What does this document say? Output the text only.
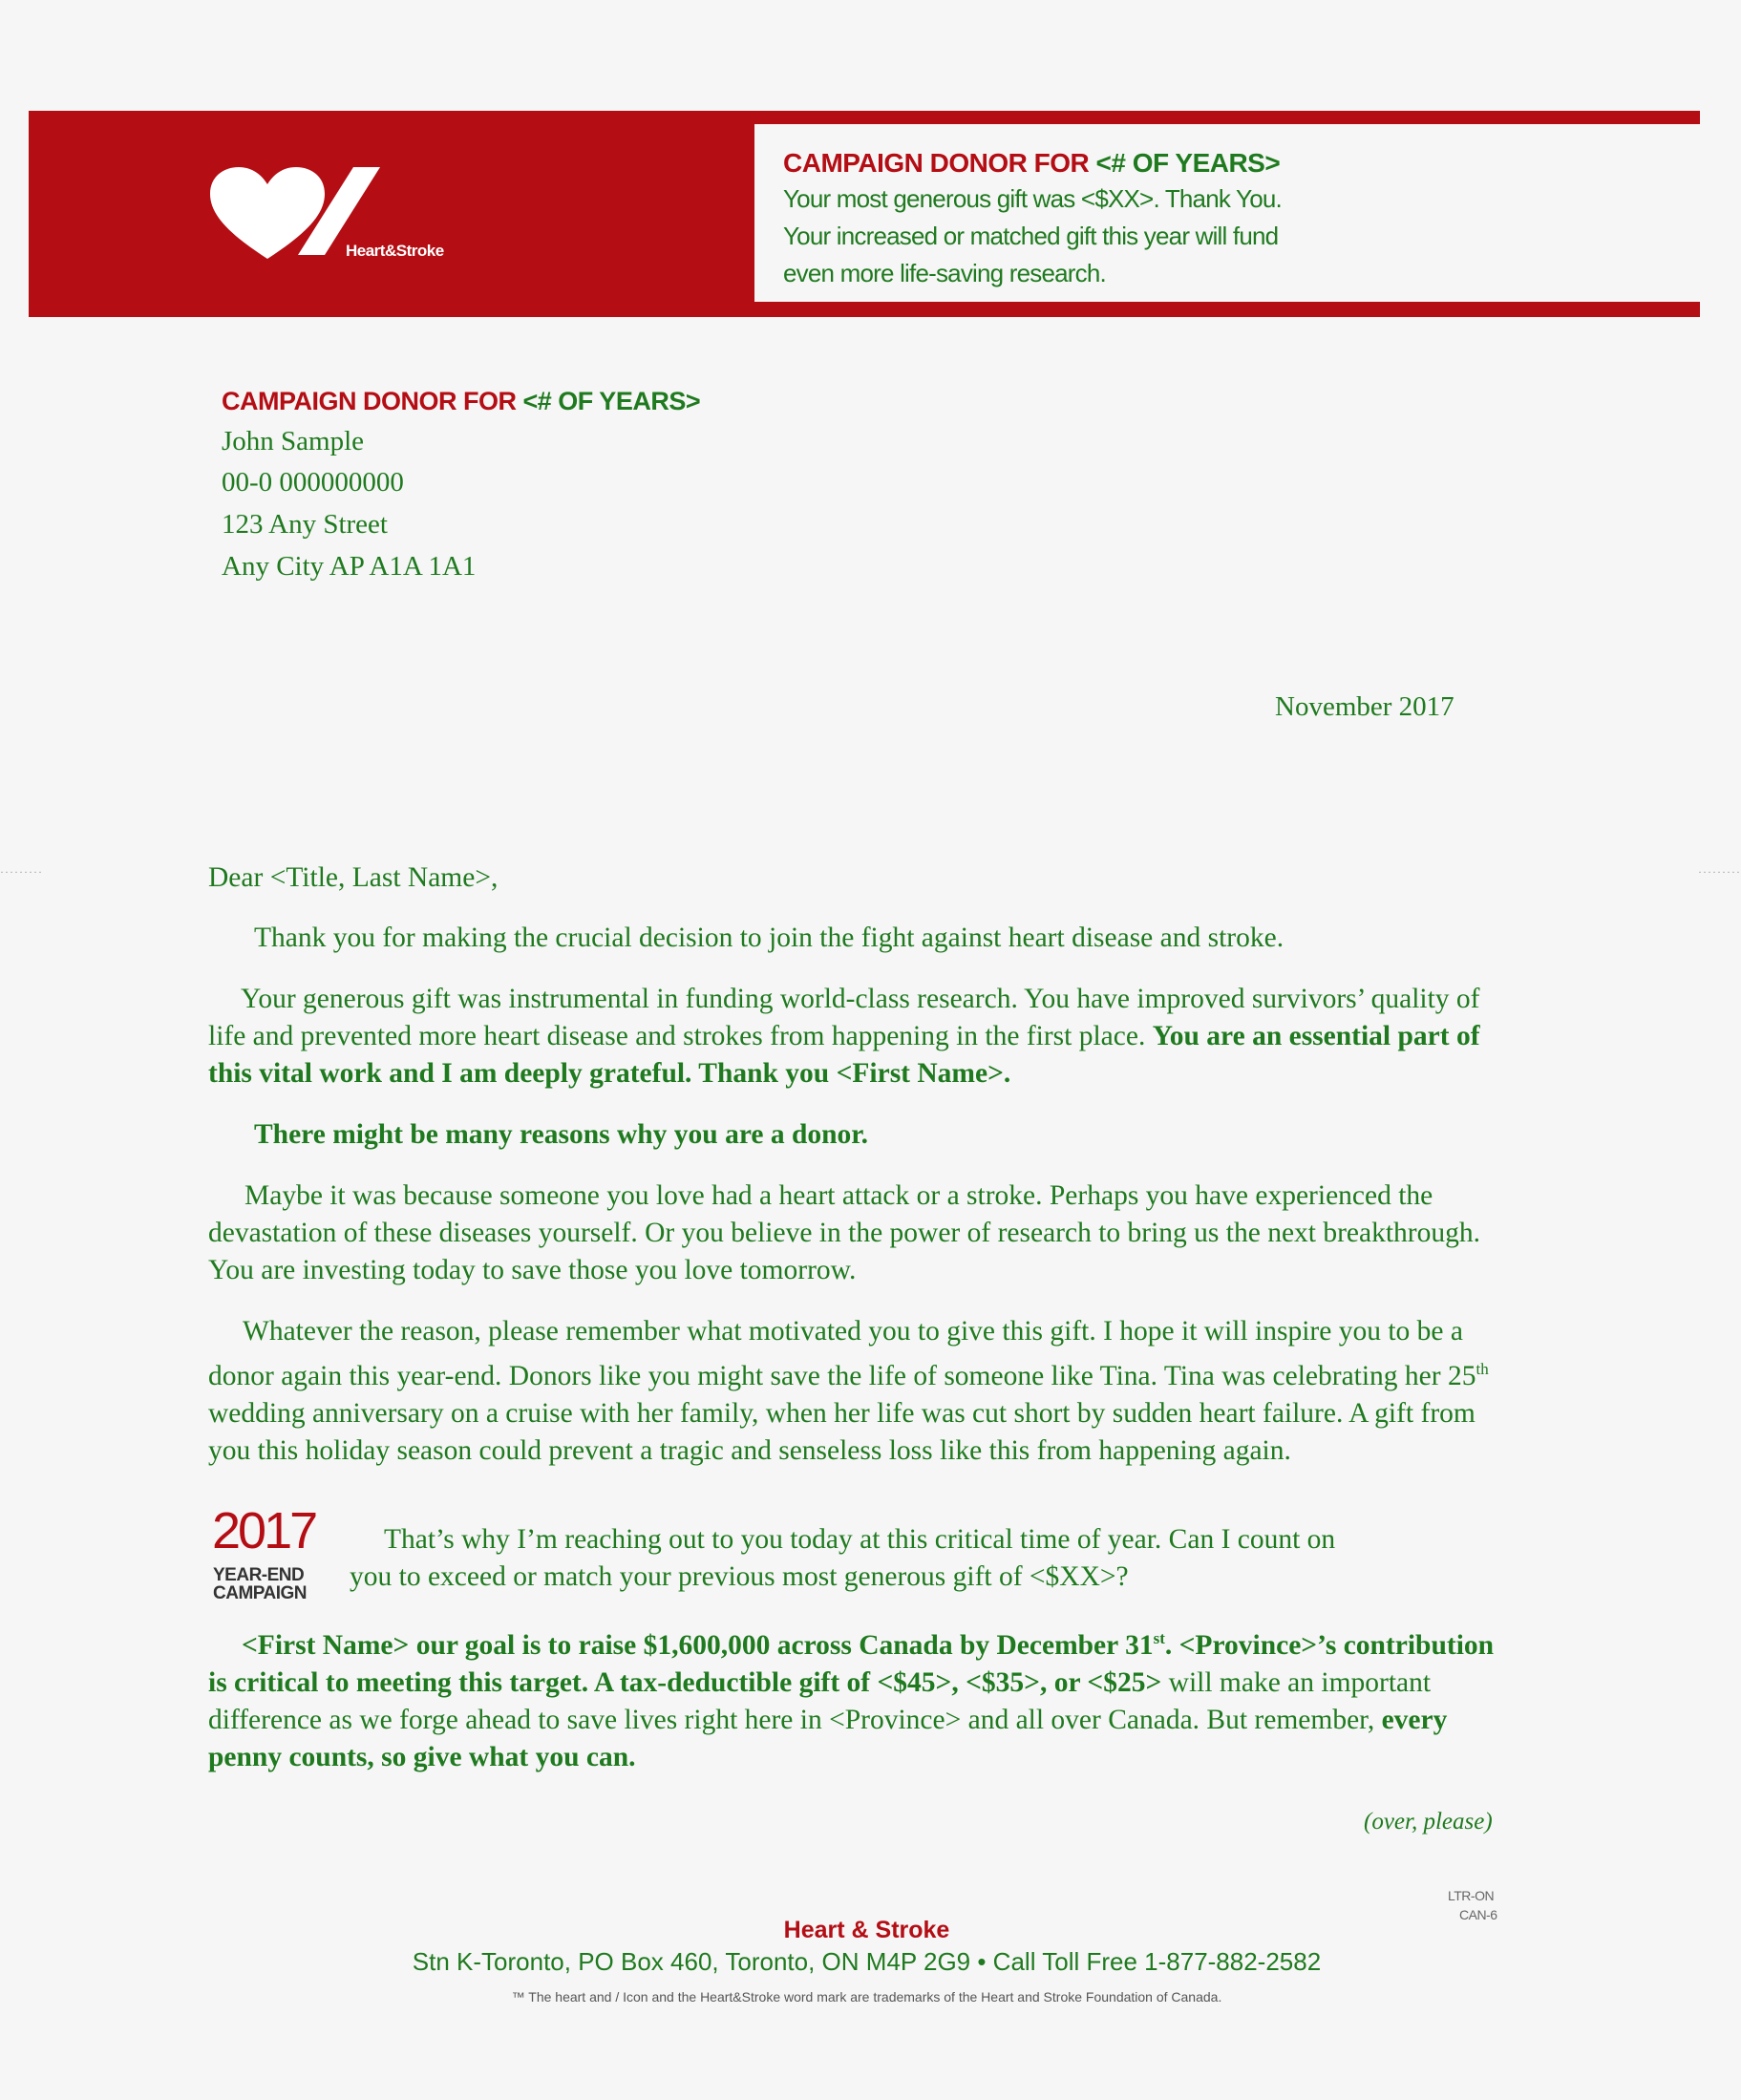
Heart&Stroke
CAMPAIGN DONOR FOR <# OF YEARS>
Your most generous gift was <$XX>. Thank You.
Your increased or matched gift this year will fund
even more life-saving research.
CAMPAIGN DONOR FOR <# OF YEARS>
John Sample
00-0 000000000
123 Any Street
Any City AP A1A 1A1
November 2017
·········	·········
Dear <Title, Last Name>,
Thank you for making the crucial decision to join the fight against heart disease and stroke.
Your generous gift was instrumental in funding world-class research. You have improved survivors’ quality of life and prevented more heart disease and strokes from happening in the first place. You are an essential part of this vital work and I am deeply grateful. Thank you <First Name>.
There might be many reasons why you are a donor.
Maybe it was because someone you love had a heart attack or a stroke. Perhaps you have experienced the devastation of these diseases yourself. Or you believe in the power of research to bring us the next breakthrough. You are investing today to save those you love tomorrow.
Whatever the reason, please remember what motivated you to give this gift. I hope it will inspire you to be a donor again this year-end. Donors like you might save the life of someone like Tina. Tina was celebrating her 25th wedding anniversary on a cruise with her family, when her life was cut short by sudden heart failure. A gift from you this holiday season could prevent a tragic and senseless loss like this from happening again.
2017
YEAR-END
CAMPAIGN
That’s why I’m reaching out to you today at this critical time of year. Can I count on
you to exceed or match your previous most generous gift of <$XX>?
<First Name> our goal is to raise $1,600,000 across Canada by December 31st. <Province>’s contribution is critical to meeting this target. A tax-deductible gift of <$45>, <$35>, or <$25> will make an important difference as we forge ahead to save lives right here in <Province> and all over Canada. But remember, every penny counts, so give what you can.
(over, please)
LTR-ON
CAN-6
Heart & Stroke
Stn K-Toronto, PO Box 460, Toronto, ON M4P 2G9 • Call Toll Free 1-877-882-2582
™ The heart and / Icon and the Heart&Stroke word mark are trademarks of the Heart and Stroke Foundation of Canada.
